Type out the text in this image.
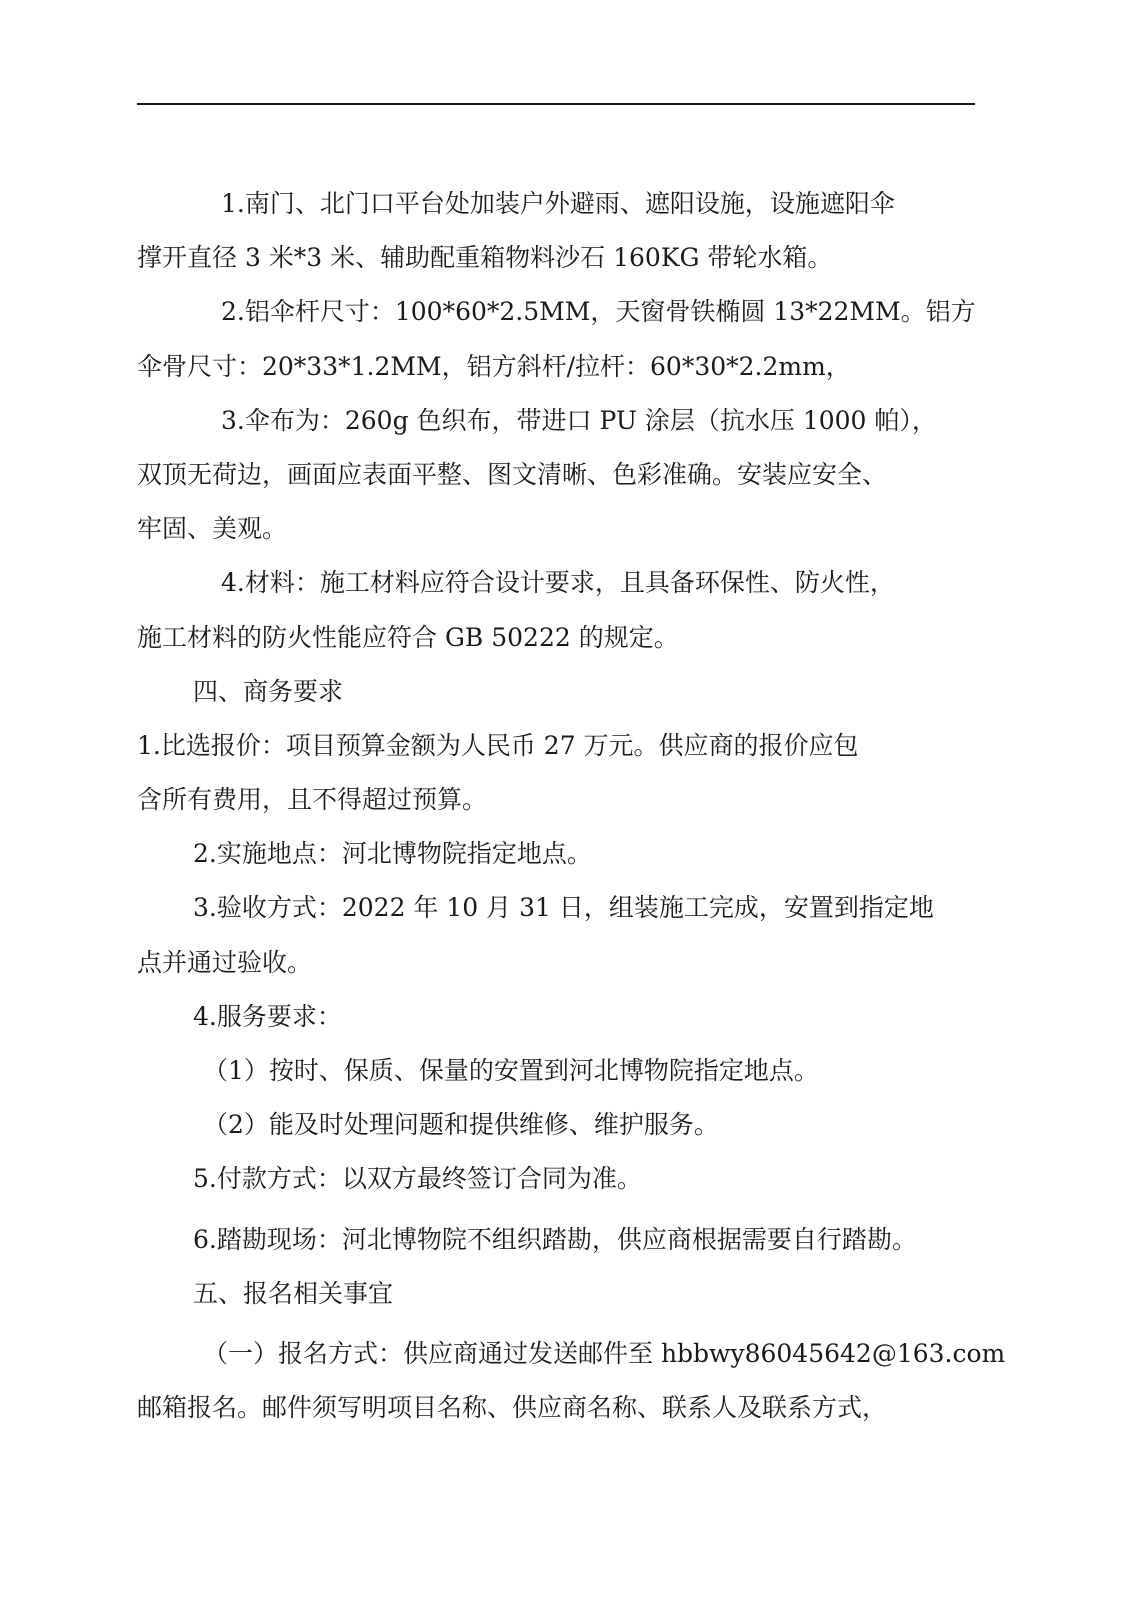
1.南门、北门口平台处加装户外避雨、遮阳设施，设施遮阳伞
撑开直径 3 米*3 米、辅助配重箱物料沙石 160KG 带轮水箱。
2.铝伞杆尺寸：100*60*2.5MM，天窗骨铁椭圆 13*22MM。铝方
伞骨尺寸：20*33*1.2MM，铝方斜杆/拉杆：60*30*2.2mm，
3.伞布为：260g 色织布，带进口 PU 涂层（抗水压 1000 帕），
双顶无荷边，画面应表面平整、图文清晰、色彩准确。安装应安全、
牢固、美观。
4.材料：施工材料应符合设计要求，且具备环保性、防火性，
施工材料的防火性能应符合 GB 50222 的规定。
四、商务要求
1.比选报价：项目预算金额为人民币 27 万元。供应商的报价应包
含所有费用，且不得超过预算。
2.实施地点：河北博物院指定地点。
3.验收方式：2022 年 10 月 31 日，组装施工完成，安置到指定地
点并通过验收。
4.服务要求：
（1）按时、保质、保量的安置到河北博物院指定地点。
（2）能及时处理问题和提供维修、维护服务。
5.付款方式：以双方最终签订合同为准。
6.踏勘现场：河北博物院不组织踏勘，供应商根据需要自行踏勘。
五、报名相关事宜
（一）报名方式：供应商通过发送邮件至 hbbwy86045642@163.com
邮箱报名。邮件须写明项目名称、供应商名称、联系人及联系方式，
